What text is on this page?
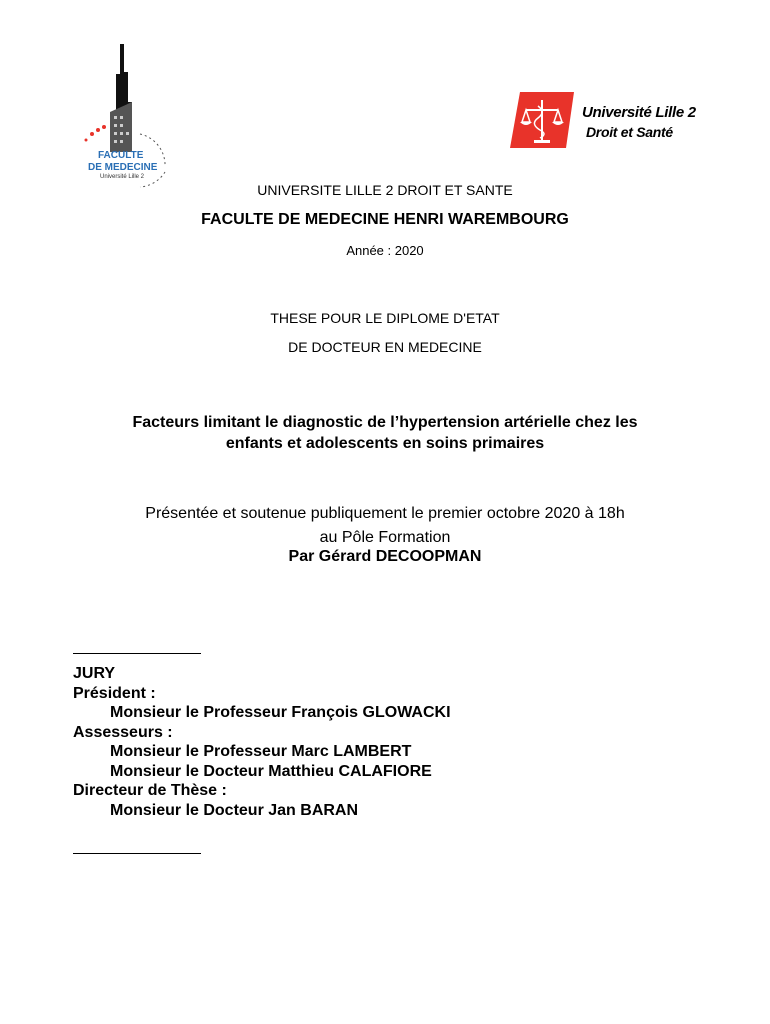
FACULTE
DE MEDECINE
Université Lille 2
Université Lille 2
Droit et Santé
UNIVERSITE LILLE 2 DROIT ET SANTE
FACULTE DE MEDECINE HENRI WAREMBOURG
Année : 2020
THESE POUR LE DIPLOME D'ETAT
DE DOCTEUR EN MEDECINE
Facteurs limitant le diagnostic de l’hypertension artérielle chez les
enfants et adolescents en soins primaires
Présentée et soutenue publiquement le premier octobre 2020 à 18h
au Pôle Formation
Par Gérard DECOOPMAN
JURY
Président :
Monsieur le Professeur François GLOWACKI
Assesseurs :
Monsieur le Professeur Marc LAMBERT
Monsieur le Docteur Matthieu CALAFIORE
Directeur de Thèse :
Monsieur le Docteur Jan BARAN
